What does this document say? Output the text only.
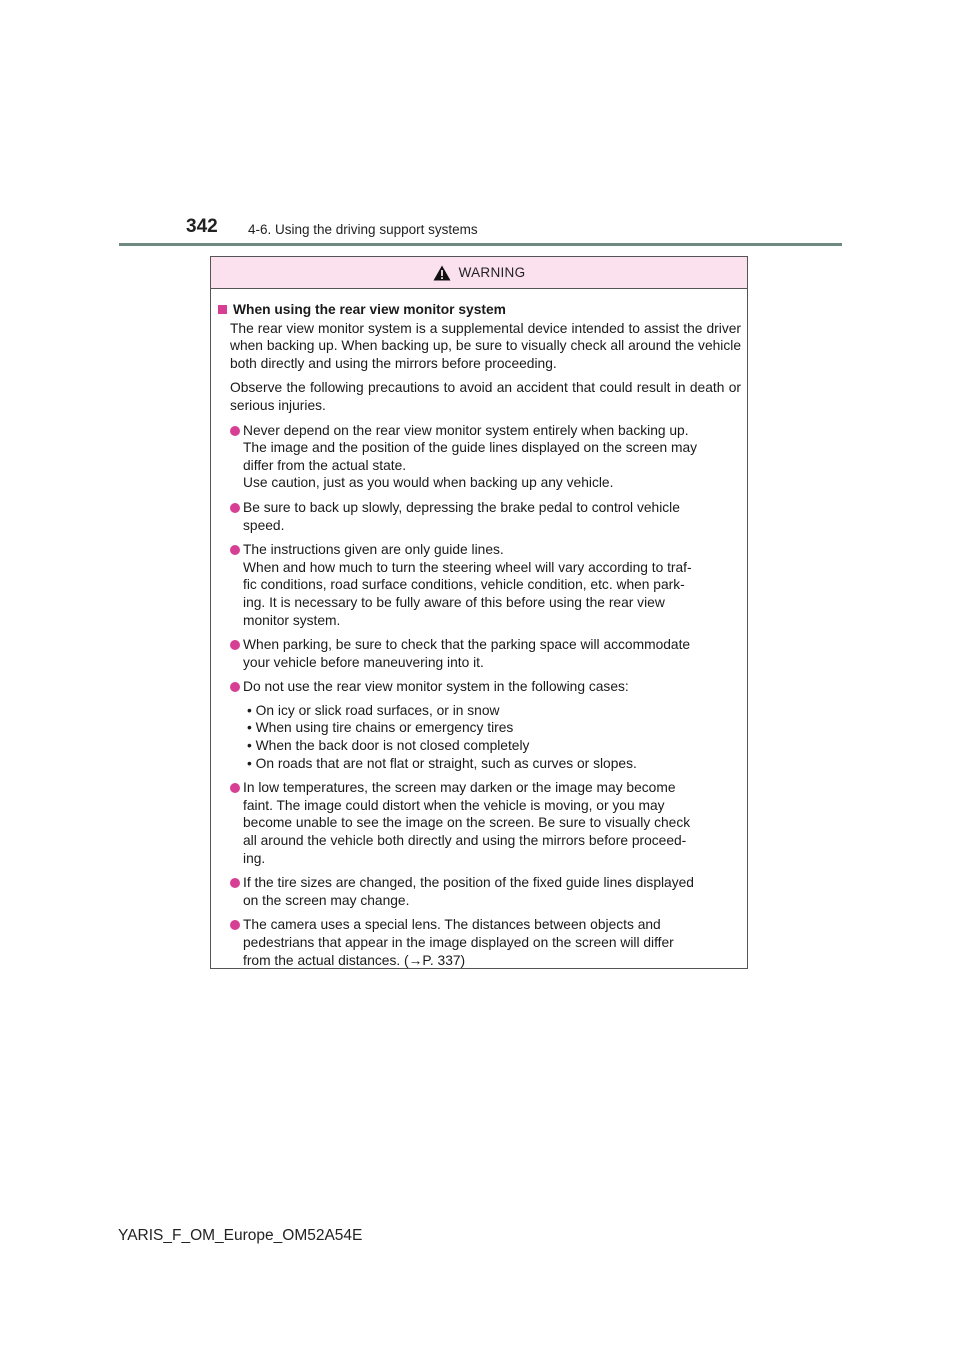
342 4-6. Using the driving support systems
WARNING
When using the rear view monitor system

The rear view monitor system is a supplemental device intended to assist the driver when backing up. When backing up, be sure to visually check all around the vehicle both directly and using the mirrors before proceeding.

Observe the following precautions to avoid an accident that could result in death or serious injuries.

Never depend on the rear view monitor system entirely when backing up.
The image and the position of the guide lines displayed on the screen may
differ from the actual state.
Use caution, just as you would when backing up any vehicle.
Be sure to back up slowly, depressing the brake pedal to control vehicle
speed.
The instructions given are only guide lines.
When and how much to turn the steering wheel will vary according to traf-
fic conditions, road surface conditions, vehicle condition, etc. when park-
ing. It is necessary to be fully aware of this before using the rear view
monitor system.
When parking, be sure to check that the parking space will accommodate
your vehicle before maneuvering into it.
Do not use the rear view monitor system in the following cases:
• On icy or slick road surfaces, or in snow
• When using tire chains or emergency tires
• When the back door is not closed completely
• On roads that are not flat or straight, such as curves or slopes.
In low temperatures, the screen may darken or the image may become
faint. The image could distort when the vehicle is moving, or you may
become unable to see the image on the screen. Be sure to visually check
all around the vehicle both directly and using the mirrors before proceed-
ing.
If the tire sizes are changed, the position of the fixed guide lines displayed
on the screen may change.
The camera uses a special lens. The distances between objects and
pedestrians that appear in the image displayed on the screen will differ
from the actual distances. (→P. 337)
YARIS_F_OM_Europe_OM52A54E
